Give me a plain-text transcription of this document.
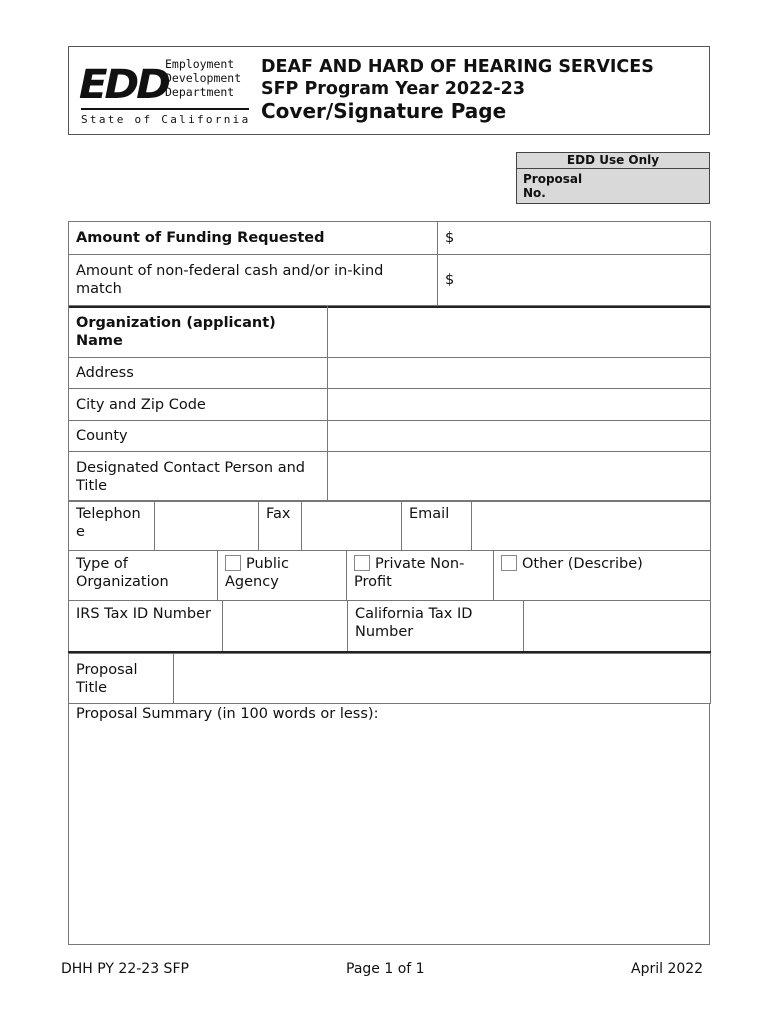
EDD
Employment
Development
Department
State of California
DEAF AND HARD OF HEARING SERVICES
SFP Program Year 2022-23
Cover/Signature Page
EDD Use Only
Proposal No.
Amount of Funding Requested	$
Amount of non-federal cash and/or in-kind match	$
Organization (applicant) Name	
Address	
City and Zip Code	
County	
Designated Contact Person and Title	
Telephone		Fax		Email	
Type of Organization	Public Agency	Private Non-Profit	Other (Describe)
IRS Tax ID Number		California Tax ID Number	
Proposal Title	
Proposal Summary (in 100 words or less):
DHH PY 22-23 SFP	Page 1 of 1	April 2022
